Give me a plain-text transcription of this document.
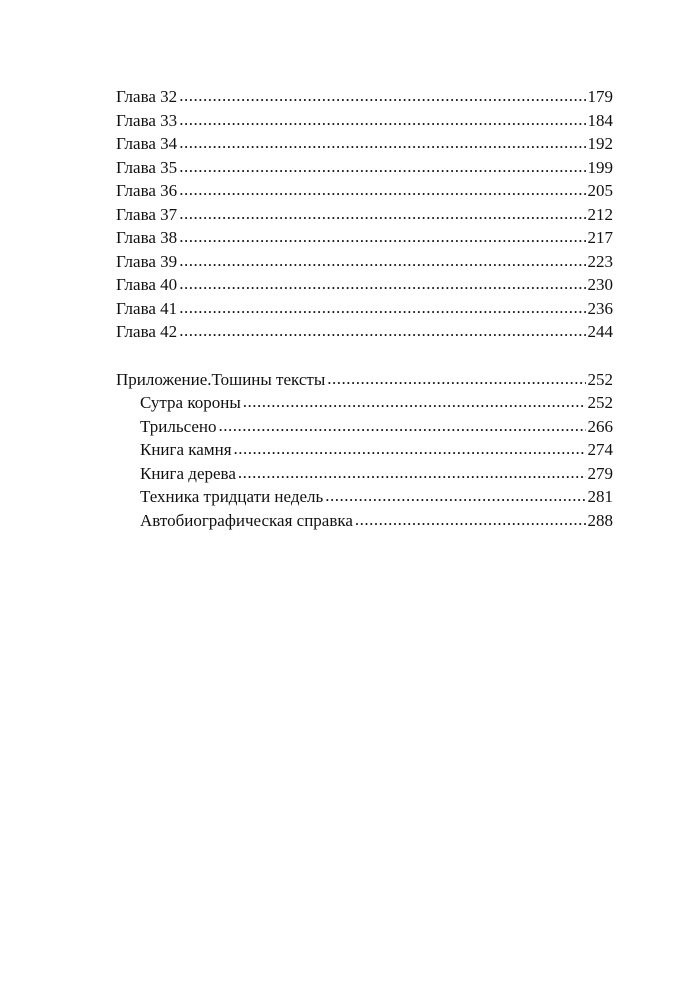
Глава 32 .....	179
Глава 33 .....	184
Глава 34 .....	192
Глава 35 .....	199
Глава 36 .....	205
Глава 37 .....	212
Глава 38 .....	217
Глава 39 .....	223
Глава 40 .....	230
Глава 41 .....	236
Глава 42 .....	244
Приложение.Тошины тексты .....	252
Сутра короны .....	252
Трильсено .....	266
Книга камня .....	274
Книга дерева .....	279
Техника тридцати недель .....	281
Автобиографическая справка .....	288
